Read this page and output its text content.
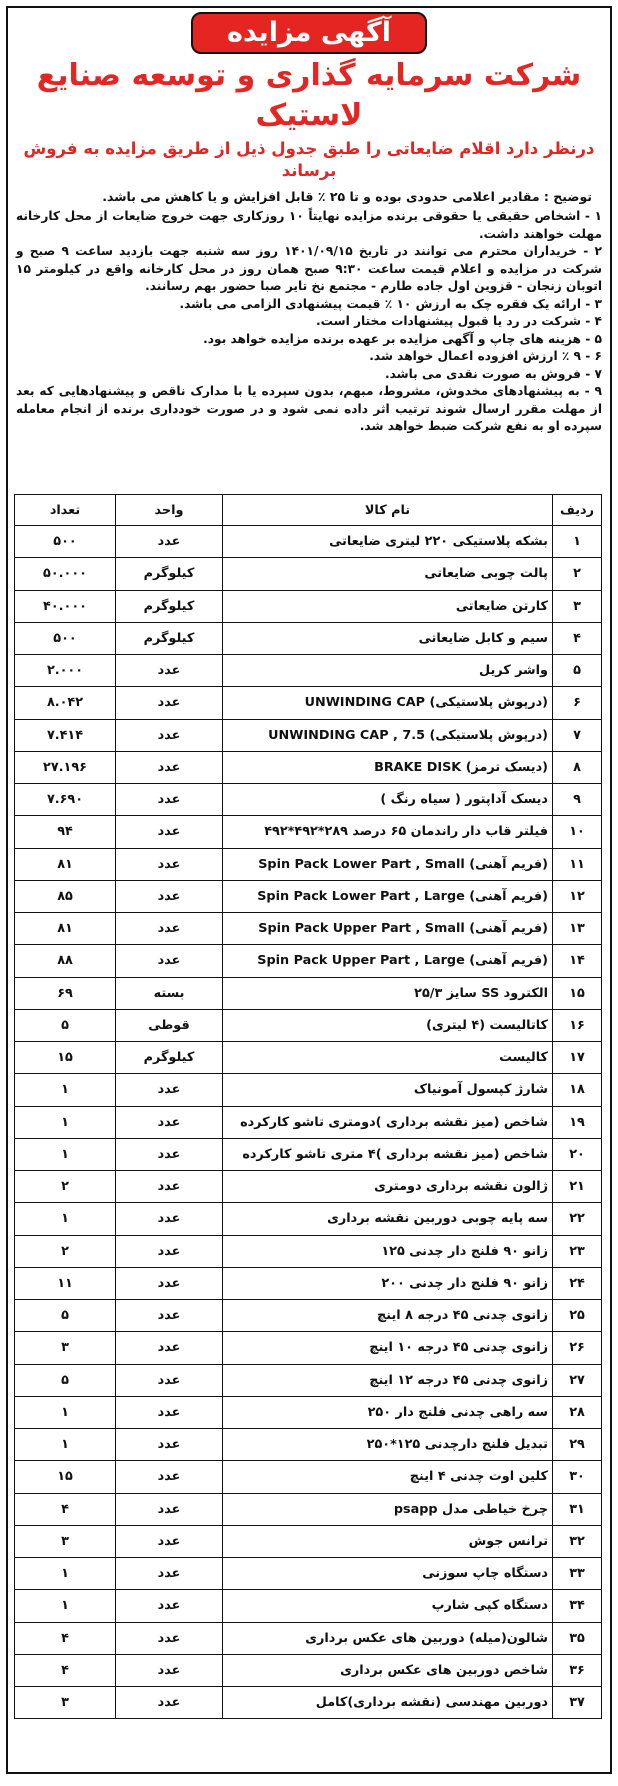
آگهی مزایده
شرکت سرمایه گذاری و توسعه صنایع لاستیک
درنظر دارد اقلام ضایعاتی را طبق جدول ذیل از طریق مزایده به فروش برساند
توضیح : مقادیر اعلامی حدودی بوده و تا ۲۵ ٪ قابل افزایش و یا کاهش می باشد.
۱ - اشخاص حقیقی یا حقوقی برنده مزایده نهایتاً ۱۰ روزکاری جهت خروج ضایعات از محل کارخانه مهلت خواهند داشت.
۲ - خریداران محترم می توانند در تاریخ ۱۴۰۱/۰۹/۱۵ روز سه شنبه جهت بازدید ساعت ۹ صبح و شرکت در مزایده و اعلام قیمت ساعت ۹:۳۰ صبح همان روز در محل کارخانه واقع در کیلومتر ۱۵ اتوبان زنجان - قزوین اول جاده طارم - مجتمع نخ تایر صبا حضور بهم رسانند.
۳ - ارائه یک فقره چک به ارزش ۱۰ ٪ قیمت پیشنهادی الزامی می باشد.
۴ - شرکت در رد یا قبول پیشنهادات مختار است.
۵ - هزینه های چاپ و آگهی مزایده بر عهده برنده مزایده خواهد بود.
۶ - ۹ ٪ ارزش افزوده اعمال خواهد شد.
۷ - فروش به صورت نقدی می باشد.
۹ - به پیشنهادهای مخدوش، مشروط، مبهم، بدون سپرده یا با مدارک ناقص و پیشنهادهایی که بعد از مهلت مقرر ارسال شوند ترتیب اثر داده نمی شود و در صورت خودداری برنده از انجام معامله سپرده او به نفع شرکت ضبط خواهد شد.
ردیف	نام کالا	واحد	تعداد
۱	بشکه پلاستیکی ۲۲۰ لیتری ضایعاتی	عدد	۵۰۰
۲	پالت چوبی ضایعاتی	کیلوگرم	۵۰.۰۰۰
۳	کارتن ضایعاتی	کیلوگرم	۴۰.۰۰۰
۴	سیم و کابل ضایعاتی	کیلوگرم	۵۰۰
۵	واشر کریل	عدد	۲.۰۰۰
۶	(درپوش پلاستیکی) UNWINDING CAP	عدد	۸.۰۴۲
۷	(درپوش پلاستیکی) UNWINDING CAP , 7.5	عدد	۷.۴۱۴
۸	(دیسک ترمز) BRAKE DISK	عدد	۲۷.۱۹۶
۹	دیسک آداپتور ( سیاه رنگ )	عدد	۷.۶۹۰
۱۰	فیلتر قاب دار راندمان ۶۵ درصد ۲۸۹*۴۹۲*۴۹۲	عدد	۹۴
۱۱	(فریم آهنی) Spin Pack Lower Part , Small	عدد	۸۱
۱۲	(فریم آهنی) Spin Pack Lower Part , Large	عدد	۸۵
۱۳	(فریم آهنی) Spin Pack Upper Part , Small	عدد	۸۱
۱۴	(فریم آهنی) Spin Pack Upper Part , Large	عدد	۸۸
۱۵	الکترود SS سایز ۲۵/۳	بسته	۶۹
۱۶	کاتالیست (۴ لیتری)	قوطی	۵
۱۷	کالیست	کیلوگرم	۱۵
۱۸	شارژ کپسول آمونیاک	عدد	۱
۱۹	شاخص (میز نقشه برداری )دومتری تاشو کارکرده	عدد	۱
۲۰	شاخص (میز نقشه برداری )۴ متری تاشو کارکرده	عدد	۱
۲۱	ژالون نقشه برداری دومتری	عدد	۲
۲۲	سه پایه چوبی دوربین نقشه برداری	عدد	۱
۲۳	زانو ۹۰ فلنج دار چدنی ۱۲۵	عدد	۲
۲۴	زانو ۹۰ فلنج دار چدنی ۲۰۰	عدد	۱۱
۲۵	زانوی چدنی ۴۵ درجه ۸ اینچ	عدد	۵
۲۶	زانوی چدنی ۴۵ درجه ۱۰ اینچ	عدد	۳
۲۷	زانوی چدنی ۴۵ درجه ۱۲ اینچ	عدد	۵
۲۸	سه راهی چدنی فلنج دار ۲۵۰	عدد	۱
۲۹	تبدیل فلنج دارچدنی ۱۲۵*۲۵۰	عدد	۱
۳۰	کلین اوت چدنی ۴ اینچ	عدد	۱۵
۳۱	چرخ خیاطی مدل psapp	عدد	۴
۳۲	ترانس جوش	عدد	۳
۳۳	دستگاه چاپ سوزنی	عدد	۱
۳۴	دستگاه کپی شارپ	عدد	۱
۳۵	شالون(میله) دوربین های عکس برداری	عدد	۴
۳۶	شاخص دوربین های عکس برداری	عدد	۴
۳۷	دوربین مهندسی (نقشه برداری)کامل	عدد	۳
